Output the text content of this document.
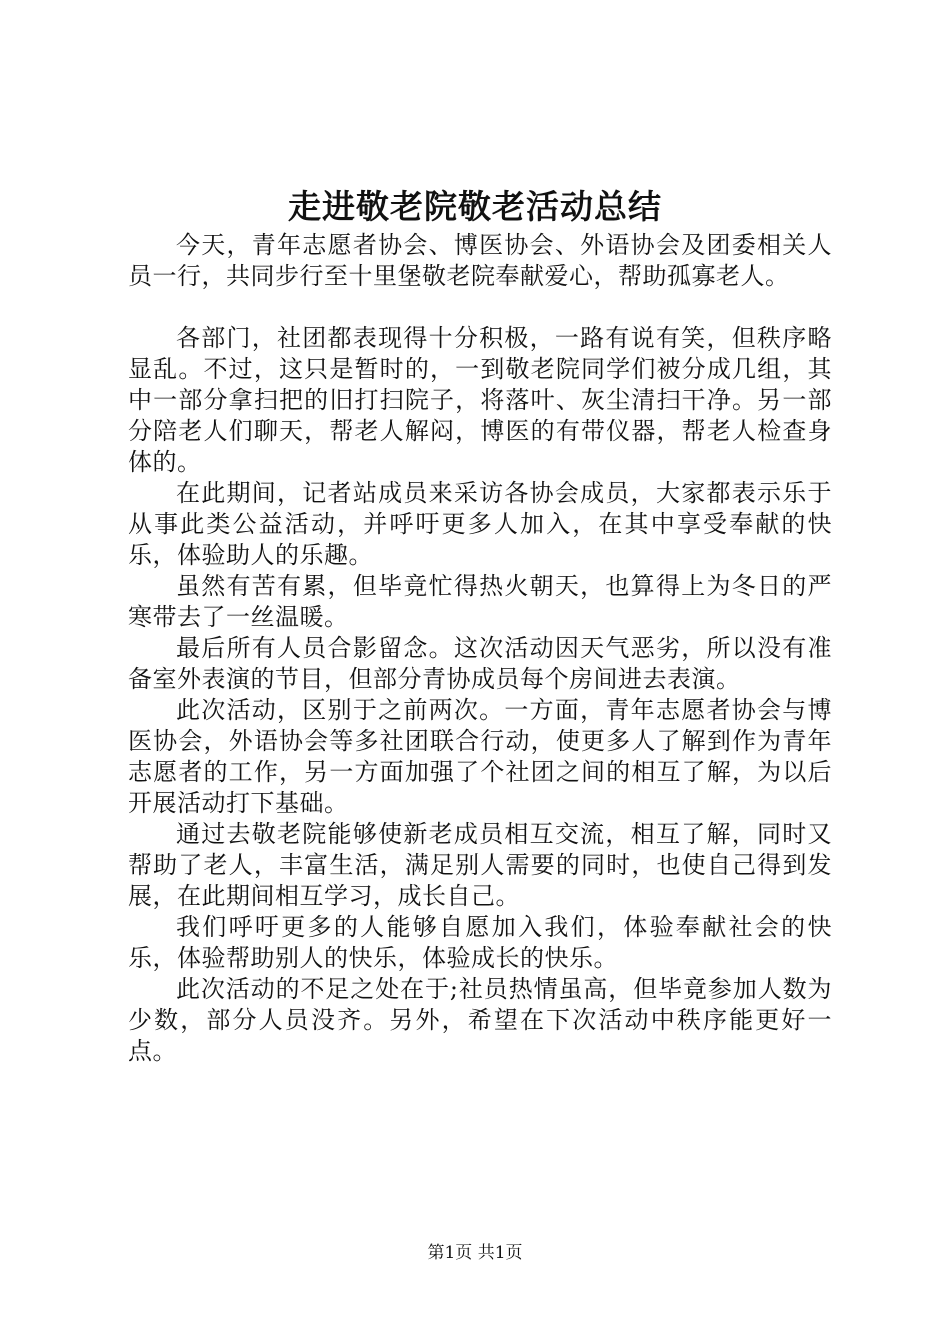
走进敬老院敬老活动总结

今天，青年志愿者协会、博医协会、外语协会及团委相关人员一行，共同步行至十里堡敬老院奉献爱心，帮助孤寡老人。

各部门，社团都表现得十分积极，一路有说有笑，但秩序略显乱。不过，这只是暂时的，一到敬老院同学们被分成几组，其中一部分拿扫把的旧打扫院子，将落叶、灰尘清扫干净。另一部分陪老人们聊天，帮老人解闷，博医的有带仪器，帮老人检查身体的。

在此期间，记者站成员来采访各协会成员，大家都表示乐于从事此类公益活动，并呼吁更多人加入，在其中享受奉献的快乐，体验助人的乐趣。

虽然有苦有累，但毕竟忙得热火朝天，也算得上为冬日的严寒带去了一丝温暖。

最后所有人员合影留念。这次活动因天气恶劣，所以没有准备室外表演的节目，但部分青协成员每个房间进去表演。

此次活动，区别于之前两次。一方面，青年志愿者协会与博医协会，外语协会等多社团联合行动，使更多人了解到作为青年志愿者的工作，另一方面加强了个社团之间的相互了解，为以后开展活动打下基础。

通过去敬老院能够使新老成员相互交流，相互了解，同时又帮助了老人，丰富生活，满足别人需要的同时，也使自己得到发展，在此期间相互学习，成长自己。

我们呼吁更多的人能够自愿加入我们，体验奉献社会的快乐，体验帮助别人的快乐，体验成长的快乐。

此次活动的不足之处在于;社员热情虽高，但毕竟参加人数为少数，部分人员没齐。另外，希望在下次活动中秩序能更好一点。

第1页 共1页
